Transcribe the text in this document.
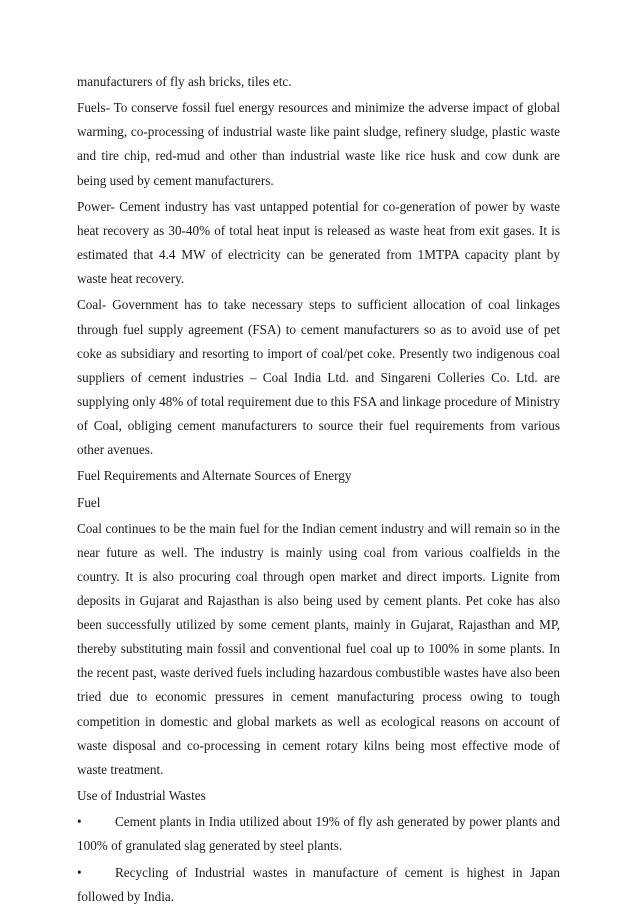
manufacturers of fly ash bricks, tiles etc.

Fuels- To conserve fossil fuel energy resources and minimize the adverse impact of global warming, co-processing of industrial waste like paint sludge, refinery sludge, plastic waste and tire chip, red-mud and other than industrial waste like rice husk and cow dunk are being used by cement manufacturers.

Power- Cement industry has vast untapped potential for co-generation of power by waste heat recovery as 30-40% of total heat input is released as waste heat from exit gases. It is estimated that 4.4 MW of electricity can be generated from 1MTPA capacity plant by waste heat recovery.

Coal- Government has to take necessary steps to sufficient allocation of coal linkages through fuel supply agreement (FSA) to cement manufacturers so as to avoid use of pet coke as subsidiary and resorting to import of coal/pet coke. Presently two indigenous coal suppliers of cement industries – Coal India Ltd. and Singareni Colleries Co. Ltd. are supplying only 48% of total requirement due to this FSA and linkage procedure of Ministry of Coal, obliging cement manufacturers to source their fuel requirements from various other avenues.

Fuel Requirements and Alternate Sources of Energy

Fuel

Coal continues to be the main fuel for the Indian cement industry and will remain so in the near future as well. The industry is mainly using coal from various coalfields in the country. It is also procuring coal through open market and direct imports. Lignite from deposits in Gujarat and Rajasthan is also being used by cement plants. Pet coke has also been successfully utilized by some cement plants, mainly in Gujarat, Rajasthan and MP, thereby substituting main fossil and conventional fuel coal up to 100% in some plants. In the recent past, waste derived fuels including hazardous combustible wastes have also been tried due to economic pressures in cement manufacturing process owing to tough competition in domestic and global markets as well as ecological reasons on account of waste disposal and co-processing in cement rotary kilns being most effective mode of waste treatment.

Use of Industrial Wastes

•	Cement plants in India utilized about 19% of fly ash generated by power plants and 100% of granulated slag generated by steel plants.

•	Recycling of Industrial wastes in manufacture of cement is highest in Japan followed by India.
